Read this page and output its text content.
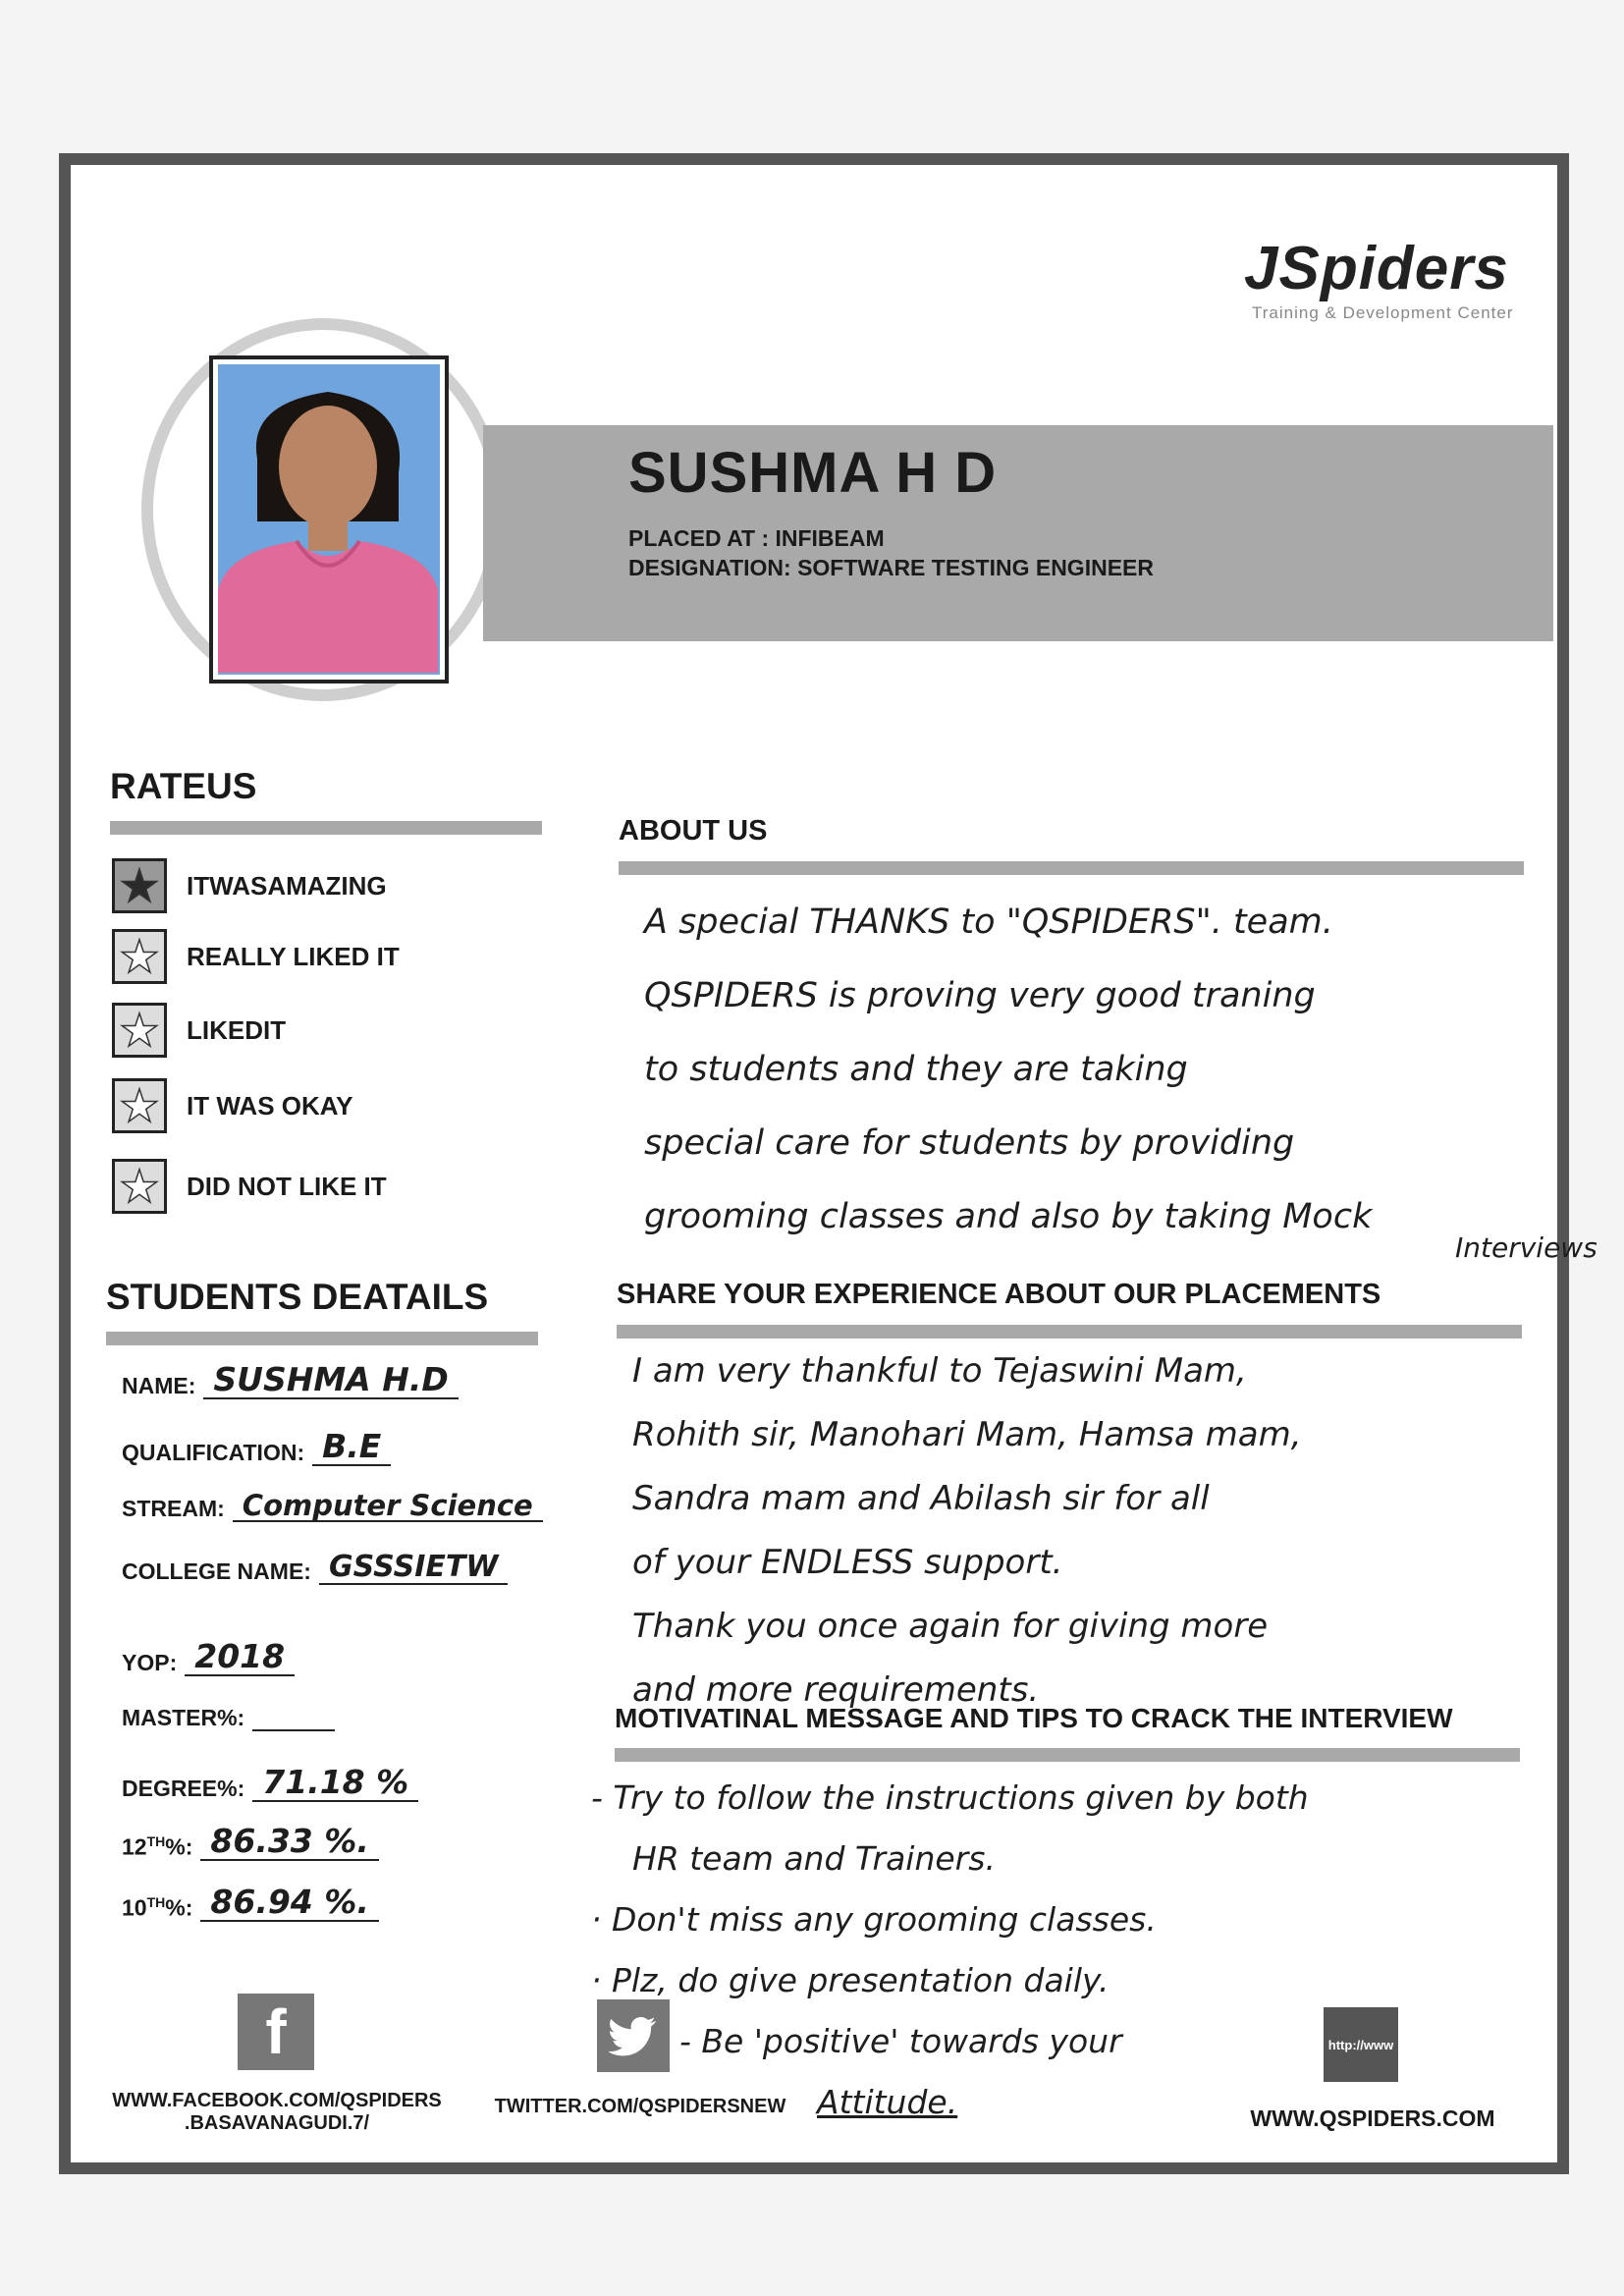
JSpiders
Training & Development Center
SUSHMA H D
PLACED AT : INFIBEAM
DESIGNATION: SOFTWARE TESTING ENGINEER
RATEUS
★ ITWASAMAZING
★ REALLY LIKED IT
★ LIKEDIT
★ IT WAS OKAY
★ DID NOT LIKE IT
STUDENTS DEATAILS
NAME: SUSHMA H.D
QUALIFICATION: B.E
STREAM: Computer Science
COLLEGE NAME: GSSSIETW
YOP: 2018
MASTER%:
DEGREE%: 71.18 %
12TH%: 86.33 %.
10TH%: 86.94 %.
ABOUT US
A special THANKS to "QSPIDERS". team.
QSPIDERS is proving very good traning
to students and they are taking
special care for students by providing
grooming classes and also by taking Mock
Interviews
SHARE YOUR EXPERIENCE ABOUT OUR PLACEMENTS
I am very thankful to Tejaswini Mam,
Rohith sir, Manohari Mam, Hamsa mam,
Sandra mam and Abilash sir for all
of your ENDLESS support.
Thank you once again for giving more
and more requirements.
MOTIVATINAL MESSAGE AND TIPS TO CRACK THE INTERVIEW
- Try to follow the instructions given by both
HR team and Trainers.
· Don't miss any grooming classes.
· Plz, do give presentation daily.
- Be 'positive' towards your
Attitude.
f
WWW.FACEBOOK.COM/QSPIDERS
.BASAVANAGUDI.7/
TWITTER.COM/QSPIDERSNEW
http://www
WWW.QSPIDERS.COM
